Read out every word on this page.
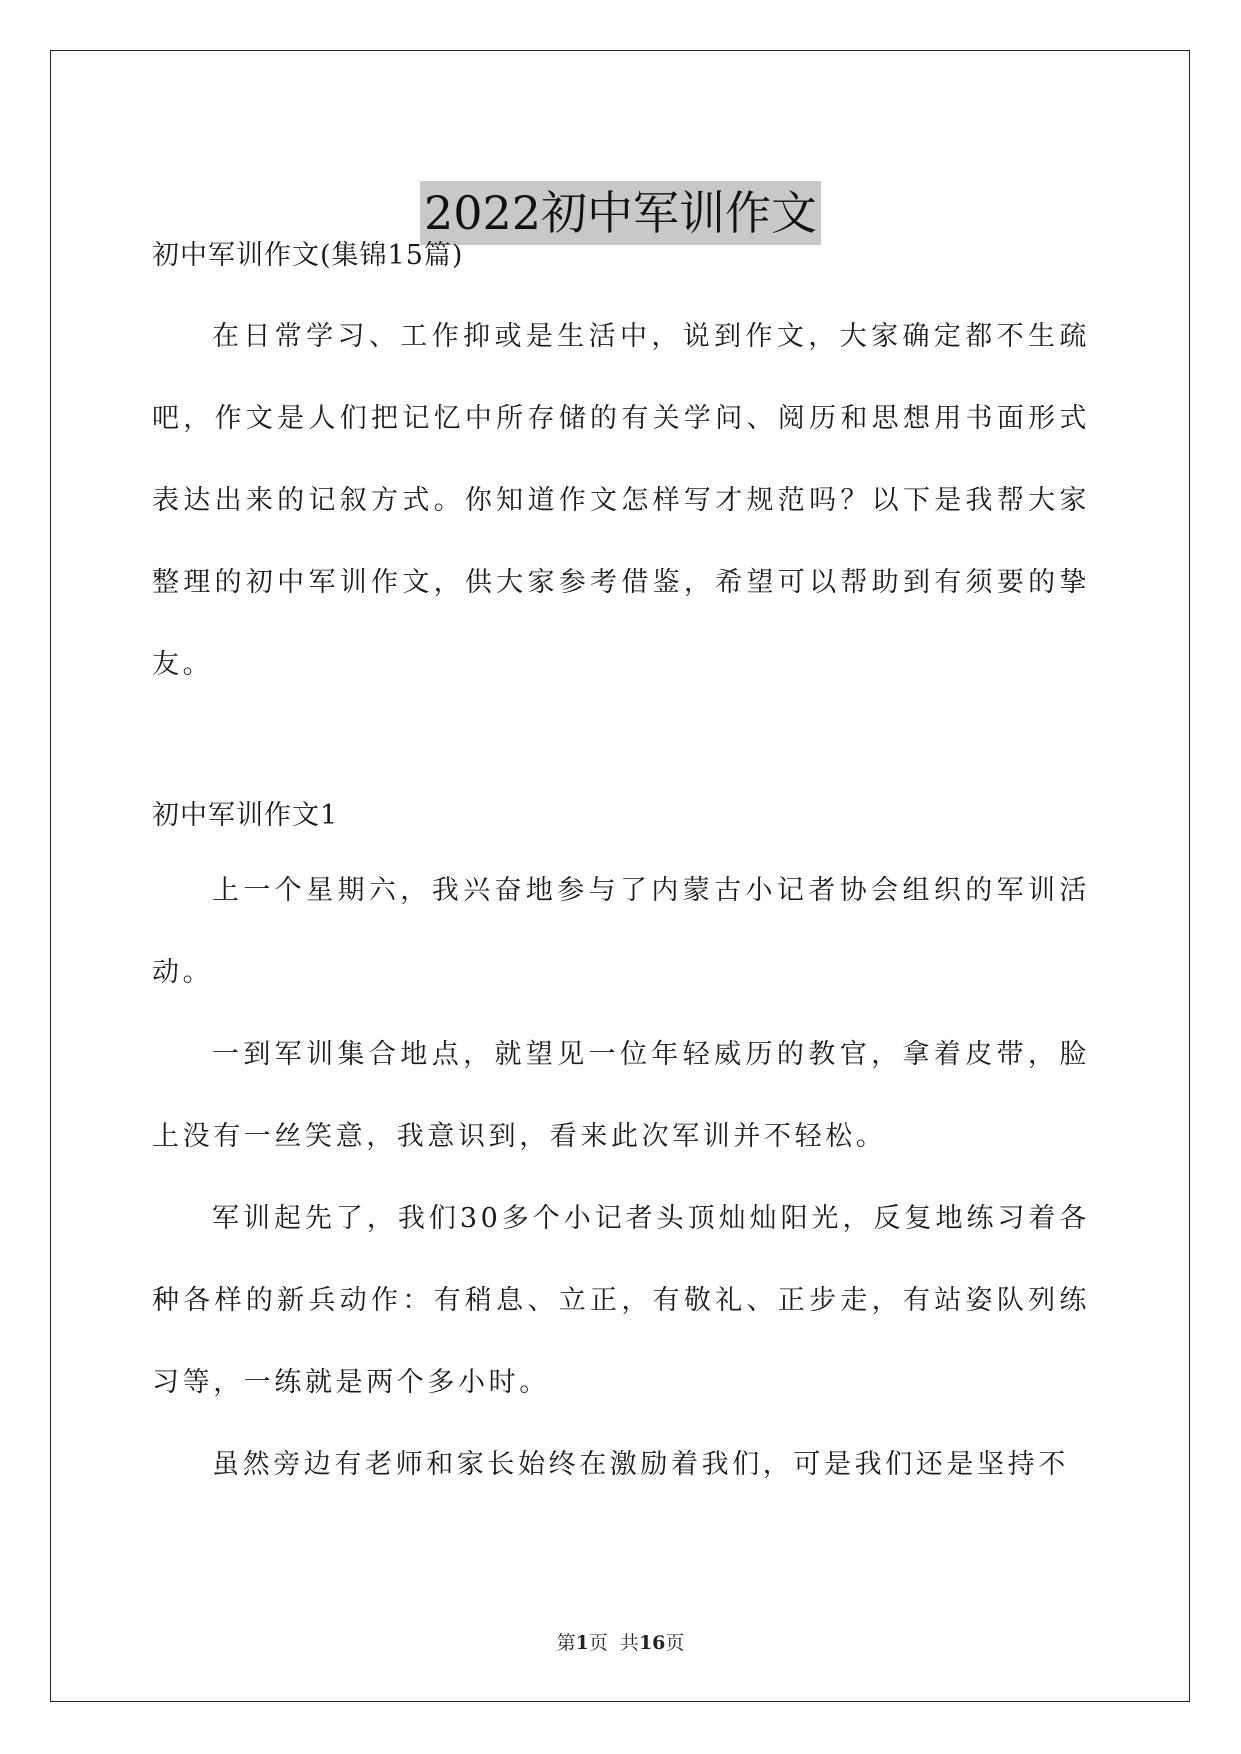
2022初中军训作文

初中军训作文(集锦15篇)

在日常学习、工作抑或是生活中，说到作文，大家确定都不生疏吧，作文是人们把记忆中所存储的有关学问、阅历和思想用书面形式表达出来的记叙方式。你知道作文怎样写才规范吗？以下是我帮大家整理的初中军训作文，供大家参考借鉴，希望可以帮助到有须要的挚友。

初中军训作文1

上一个星期六，我兴奋地参与了内蒙古小记者协会组织的军训活动。

一到军训集合地点，就望见一位年轻威历的教官，拿着皮带，脸上没有一丝笑意，我意识到，看来此次军训并不轻松。

军训起先了，我们30多个小记者头顶灿灿阳光，反复地练习着各种各样的新兵动作：有稍息、立正，有敬礼、正步走，有站姿队列练习等，一练就是两个多小时。

虽然旁边有老师和家长始终在激励着我们，可是我们还是坚持不

第1页  共16页
